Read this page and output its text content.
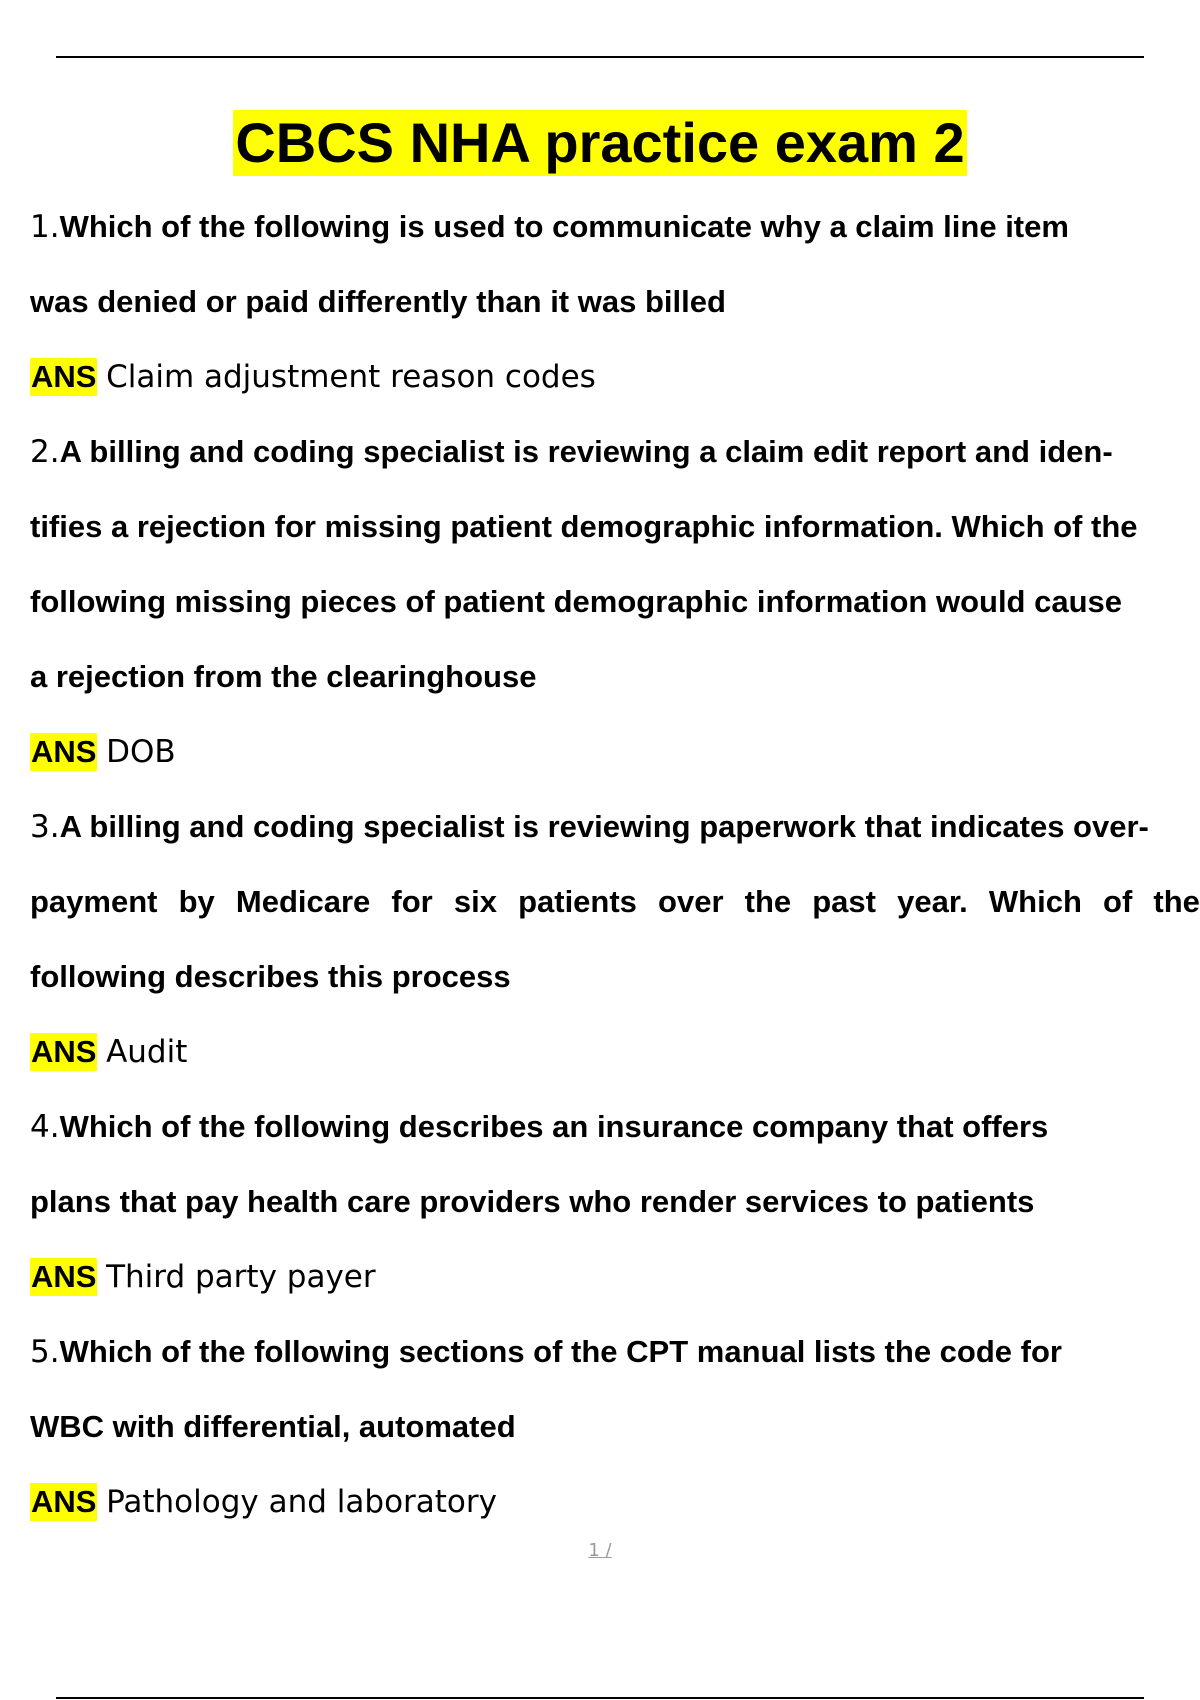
CBCS NHA practice exam 2
1.Which of the following is used to communicate why a claim line item
was denied or paid differently than it was billed
ANS Claim adjustment reason codes
2.A billing and coding specialist is reviewing a claim edit report and iden-
tifies a rejection for missing patient demographic information. Which of the
following missing pieces of patient demographic information would cause
a rejection from the clearinghouse
ANS DOB
3.A billing and coding specialist is reviewing paperwork that indicates over-
payment by Medicare for six patients over the past year. Which of the
following describes this process
ANS Audit
4.Which of the following describes an insurance company that offers
plans that pay health care providers who render services to patients
ANS Third party payer
5.Which of the following sections of the CPT manual lists the code for
WBC with differential, automated
ANS Pathology and laboratory
1 /
